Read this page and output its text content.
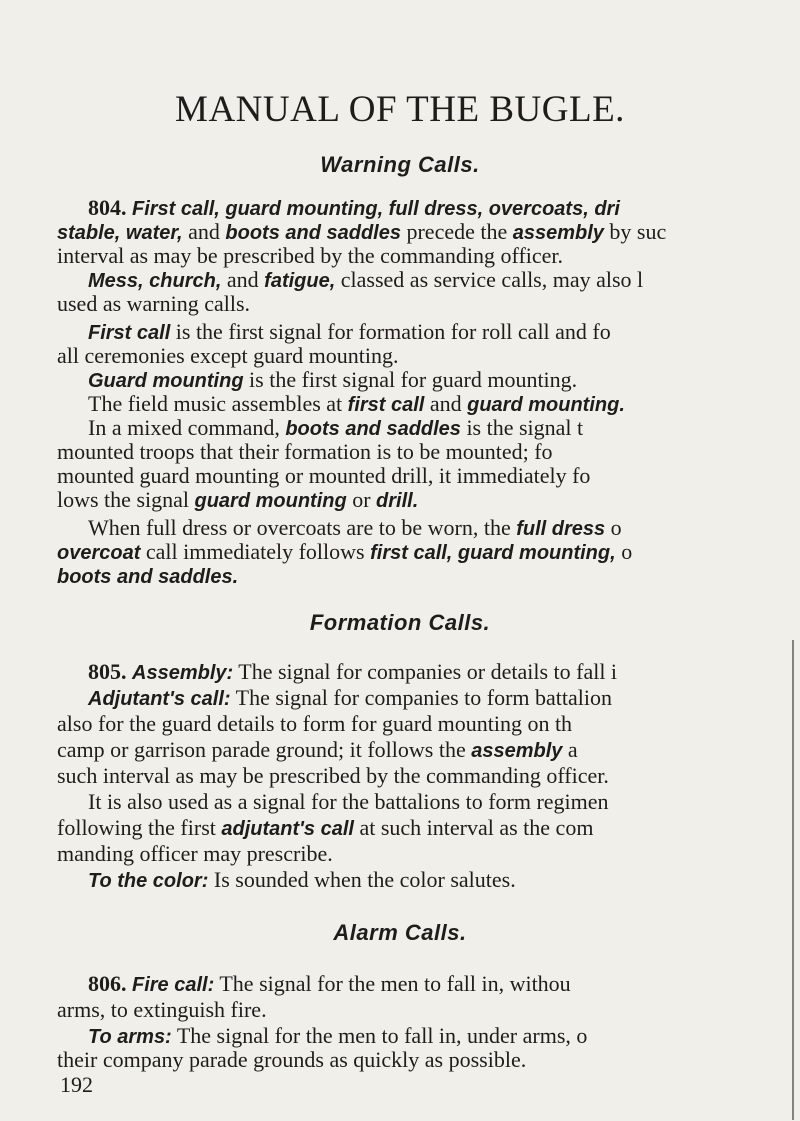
MANUAL OF THE BUGLE.
Warning Calls.
804. First call, guard mounting, full dress, overcoats, dri
stable, water, and boots and saddles precede the assembly by suc
interval as may be prescribed by the commanding officer.
Mess, church, and fatigue, classed as service calls, may also l
used as warning calls.
First call is the first signal for formation for roll call and fo
all ceremonies except guard mounting.
Guard mounting is the first signal for guard mounting.
The field music assembles at first call and guard mounting.
In a mixed command, boots and saddles is the signal t
mounted troops that their formation is to be mounted; fo
mounted guard mounting or mounted drill, it immediately fo
lows the signal guard mounting or drill.
When full dress or overcoats are to be worn, the full dress o
overcoat call immediately follows first call, guard mounting, o
boots and saddles.
Formation Calls.
805. Assembly: The signal for companies or details to fall i
Adjutant's call: The signal for companies to form battalion
also for the guard details to form for guard mounting on th
camp or garrison parade ground; it follows the assembly a
such interval as may be prescribed by the commanding officer.
It is also used as a signal for the battalions to form regimen
following the first adjutant's call at such interval as the com
manding officer may prescribe.
To the color: Is sounded when the color salutes.
Alarm Calls.
806. Fire call: The signal for the men to fall in, withou
arms, to extinguish fire.
To arms: The signal for the men to fall in, under arms, o
their company parade grounds as quickly as possible.
192
